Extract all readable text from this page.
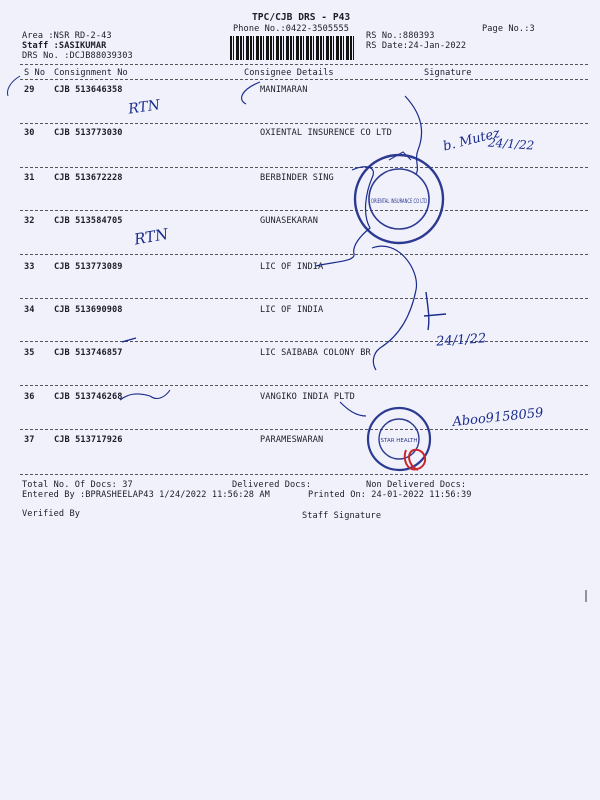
TPC/CJB DRS - P43
Phone No.:0422-3505555	Page No.:3
Area :NSR RD-2-43
Staff :SASIKUMAR
DRS No. :DCJB88039303
RS No.:880393
RS Date:24-Jan-2022
S No Consignment No	Consignee Details	Signature
29 CJB 513646358	MANIMARAN
30 CJB 513773030	OXIENTAL INSURENCE CO LTD
31 CJB 513672228	BERBINDER SING
32 CJB 513584705	GUNASEKARAN
33 CJB 513773089	LIC OF INDIA
34 CJB 513690908	LIC OF INDIA
35 CJB 513746857	LIC SAIBABA COLONY BR
36 CJB 513746268	VANGIKO INDIA PLTD
37 CJB 513717926	PARAMESWARAN
Total No. Of Docs: 37	Delivered Docs:	Non Delivered Docs:
Entered By :BPRASHEELAP43 1/24/2022 11:56:28 AM	Printed On: 24-01-2022 11:56:39
Verified By	Staff Signature
ORIENTAL INSURANCE CO LTD
STAR HEALTH
RTN
RTN
b. Mutez
24/1/22
24/1/22
Aboo9158059
